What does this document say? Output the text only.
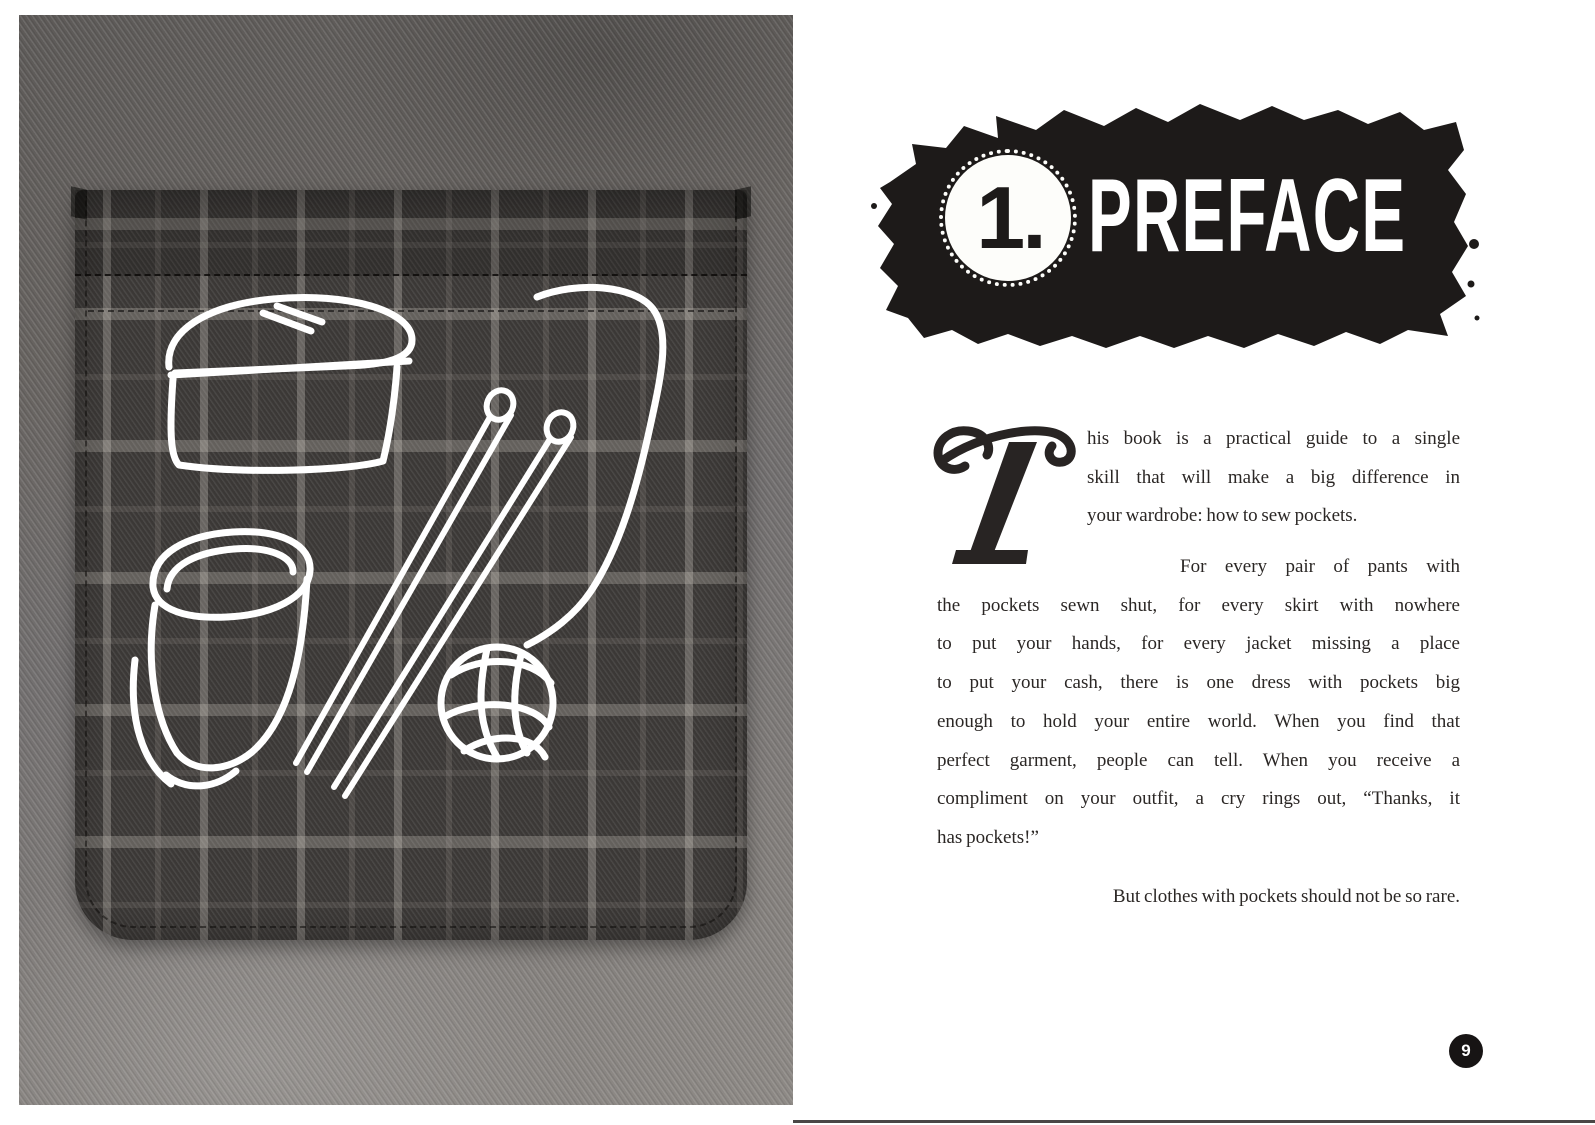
1. PREFACE
his book is a practical guide to a single
skill that will make a big difference in
your wardrobe: how to sew pockets.
For every pair of pants with
the pockets sewn shut, for every skirt with nowhere
to put your hands, for every jacket missing a place
to put your cash, there is one dress with pockets big
enough to hold your entire world. When you find that
perfect garment, people can tell. When you receive a
compliment on your outfit, a cry rings out, “Thanks, it
has pockets!”
But clothes with pockets should not be so rare.
9
